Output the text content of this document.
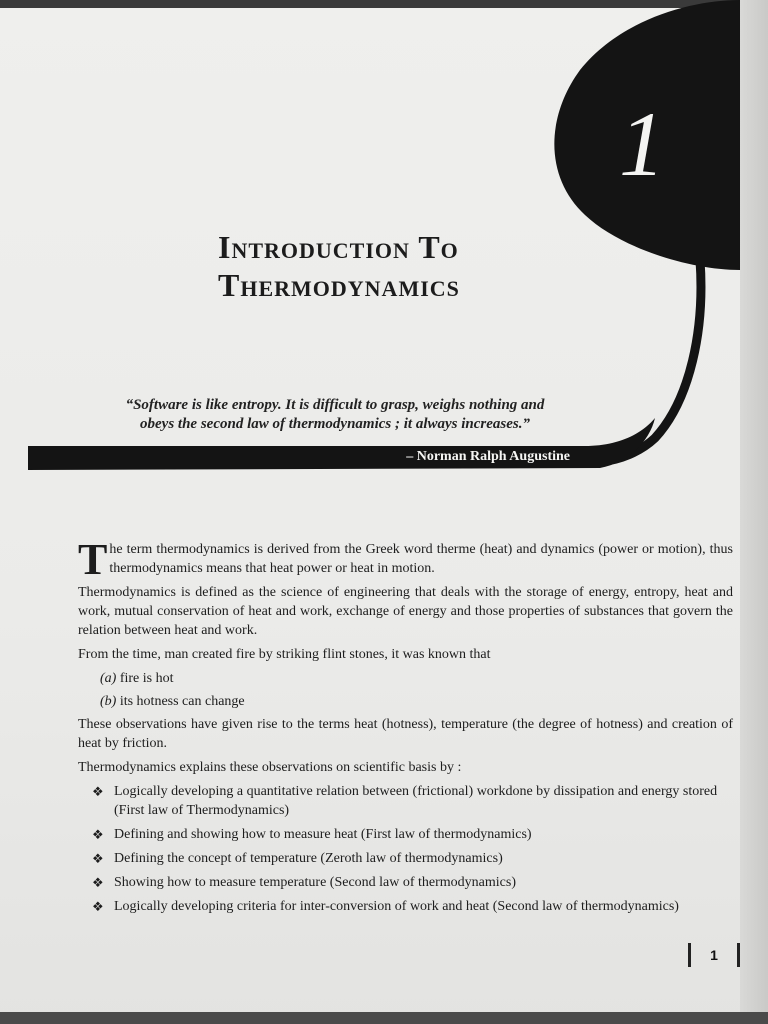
1
Introduction To
Thermodynamics
“Software is like entropy. It is difficult to grasp, weighs nothing and
obeys the second law of thermodynamics ; it always increases.”
– Norman Ralph Augustine

The term thermodynamics is derived from the Greek word therme (heat) and dynamics (power or motion), thus thermodynamics means that heat power or heat in motion.

Thermodynamics is defined as the science of engineering that deals with the storage of energy, entropy, heat and work, mutual conservation of heat and work, exchange of energy and those properties of substances that govern the relation between heat and work.

From the time, man created fire by striking flint stones, it was known that

(a) fire is hot
(b) its hotness can change

These observations have given rise to the terms heat (hotness), temperature (the degree of hotness) and creation of heat by friction.

Thermodynamics explains these observations on scientific basis by :

❖ Logically developing a quantitative relation between (frictional) workdone by dissipation and energy stored (First law of Thermodynamics)
❖ Defining and showing how to measure heat (First law of thermodynamics)
❖ Defining the concept of temperature (Zeroth law of thermodynamics)
❖ Showing how to measure temperature (Second law of thermodynamics)
❖ Logically developing criteria for inter-conversion of work and heat (Second law of thermodynamics)
1
